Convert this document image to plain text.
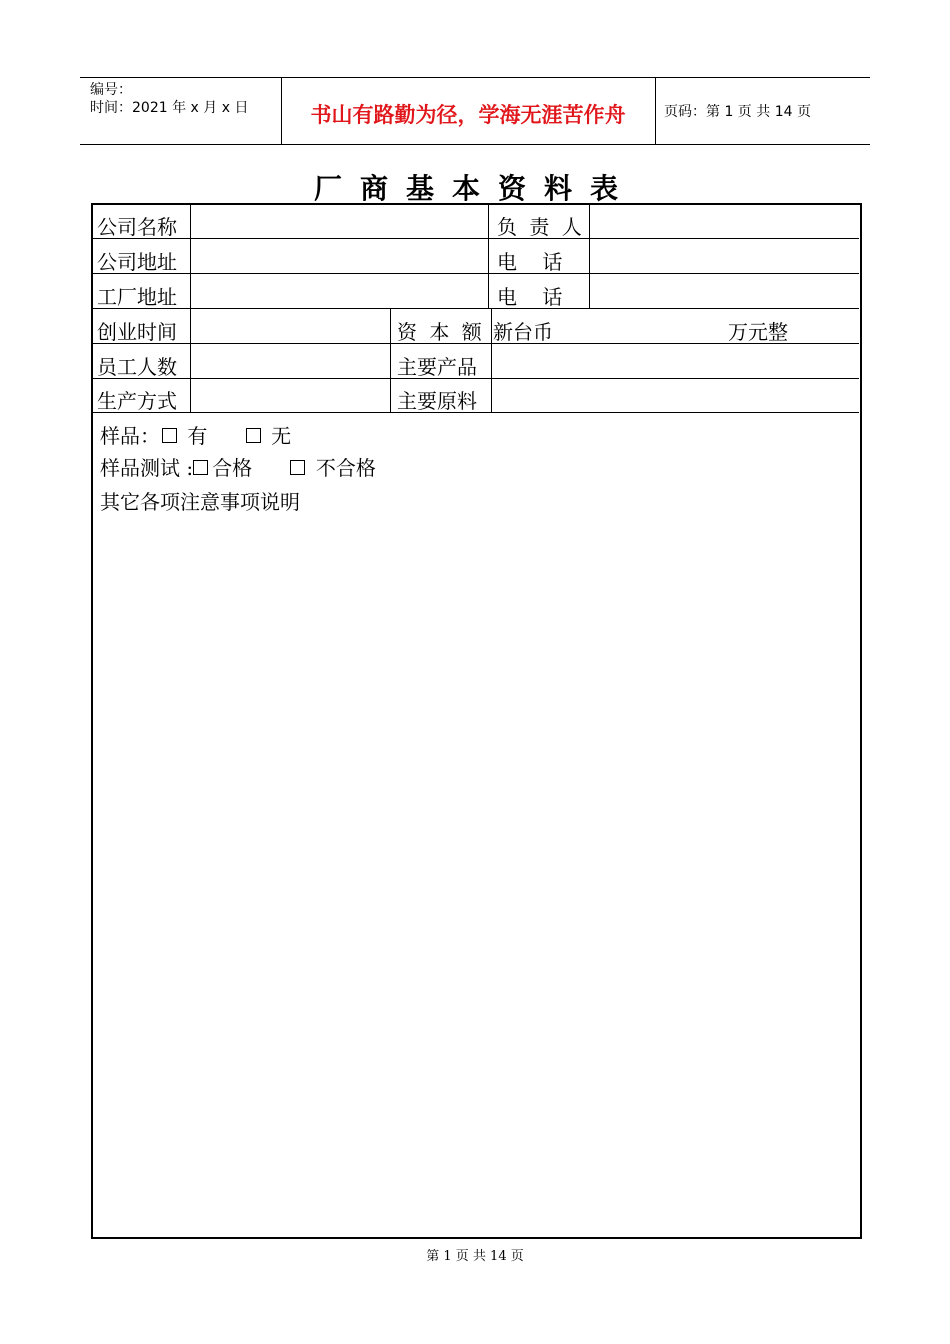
编号：
时间：2021 年 x 月 x 日	书山有路勤为径，学海无涯苦作舟	页码：第 1 页 共 14 页
厂商基本资料表
公司名称	负 责 人
公司地址	电    话
工厂地址	电    话
创业时间	资 本 额 新台币	万元整
员工人数	主要产品
生产方式	主要原料
样品： 有	无
样品测试 : 合格	不合格
其它各项注意事项说明
第 1 页 共 14 页
